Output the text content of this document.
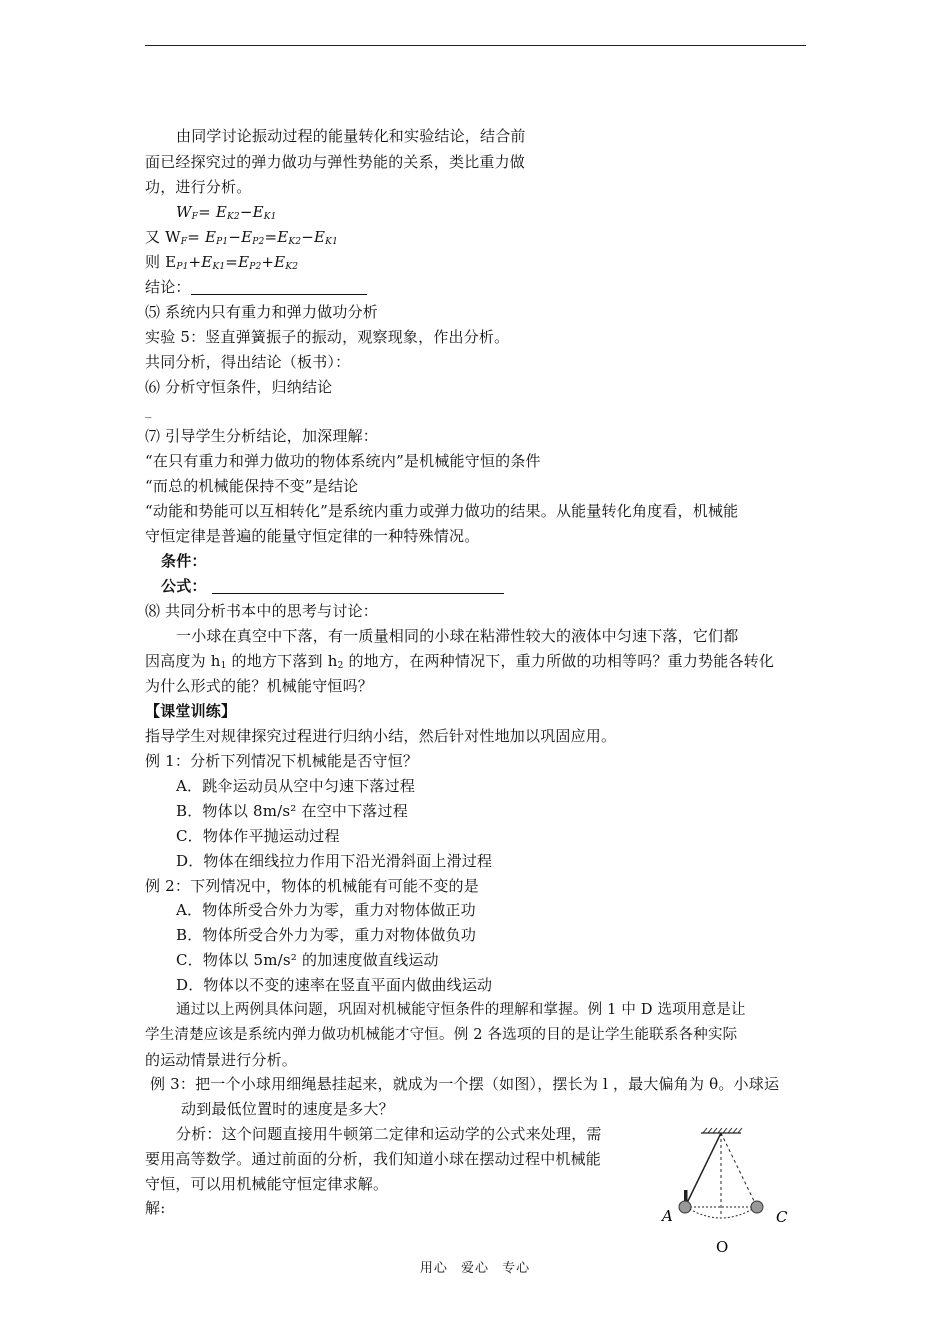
由同学讨论振动过程的能量转化和实验结论，结合前
面已经探究过的弹力做功与弹性势能的关系，类比重力做
功，进行分析。
$W_F= E_{K2}-E_{K1}$
又 $W_F= E_{P1}-E_{P2}=E_{K2}-E_{K1}$
则 $E_{P1}+E_{K1}=E_{P2}+E_{K2}$
结论：
⑸ 系统内只有重力和弹力做功分析
实验 5：竖直弹簧振子的振动，观察现象，作出分析。
共同分析，得出结论（板书）：
⑹ 分析守恒条件，归纳结论
_
⑺ 引导学生分析结论，加深理解：
“在只有重力和弹力做功的物体系统内”是机械能守恒的条件
“而总的机械能保持不变”是结论
“动能和势能可以互相转化”是系统内重力或弹力做功的结果。从能量转化角度看，机械能
守恒定律是普遍的能量守恒定律的一种特殊情况。
条件：
公式：
⑻ 共同分析书本中的思考与讨论：
一小球在真空中下落，有一质量相同的小球在粘滞性较大的液体中匀速下落，它们都
因高度为 $h_1$ 的地方下落到 $h_2$ 的地方，在两种情况下，重力所做的功相等吗？重力势能各转化
为什么形式的能？机械能守恒吗？
【课堂训练】
指导学生对规律探究过程进行归纳小结，然后针对性地加以巩固应用。
例 1：分析下列情况下机械能是否守恒？
A．跳伞运动员从空中匀速下落过程
B．物体以 8m/s² 在空中下落过程
C．物体作平抛运动过程
D．物体在细线拉力作用下沿光滑斜面上滑过程
例 2：下列情况中，物体的机械能有可能不变的是
A．物体所受合外力为零，重力对物体做正功
B．物体所受合外力为零，重力对物体做负功
C．物体以 5m/s² 的加速度做直线运动
D．物体以不变的速率在竖直平面内做曲线运动
通过以上两例具体问题，巩固对机械能守恒条件的理解和掌握。例 1 中 D 选项用意是让
学生清楚应该是系统内弹力做功机械能才守恒。例 2 各选项的目的是让学生能联系各种实际
的运动情景进行分析。
例 3：把一个小球用细绳悬挂起来，就成为一个摆（如图），摆长为 l ，最大偏角为 θ。小球运
动到最低位置时的速度是多大？
分析：这个问题直接用牛顿第二定律和运动学的公式来处理，需
要用高等数学。通过前面的分析，我们知道小球在摆动过程中机械能
守恒，可以用机械能守恒定律求解。
解:	A	C
O
用心 爱心 专心
